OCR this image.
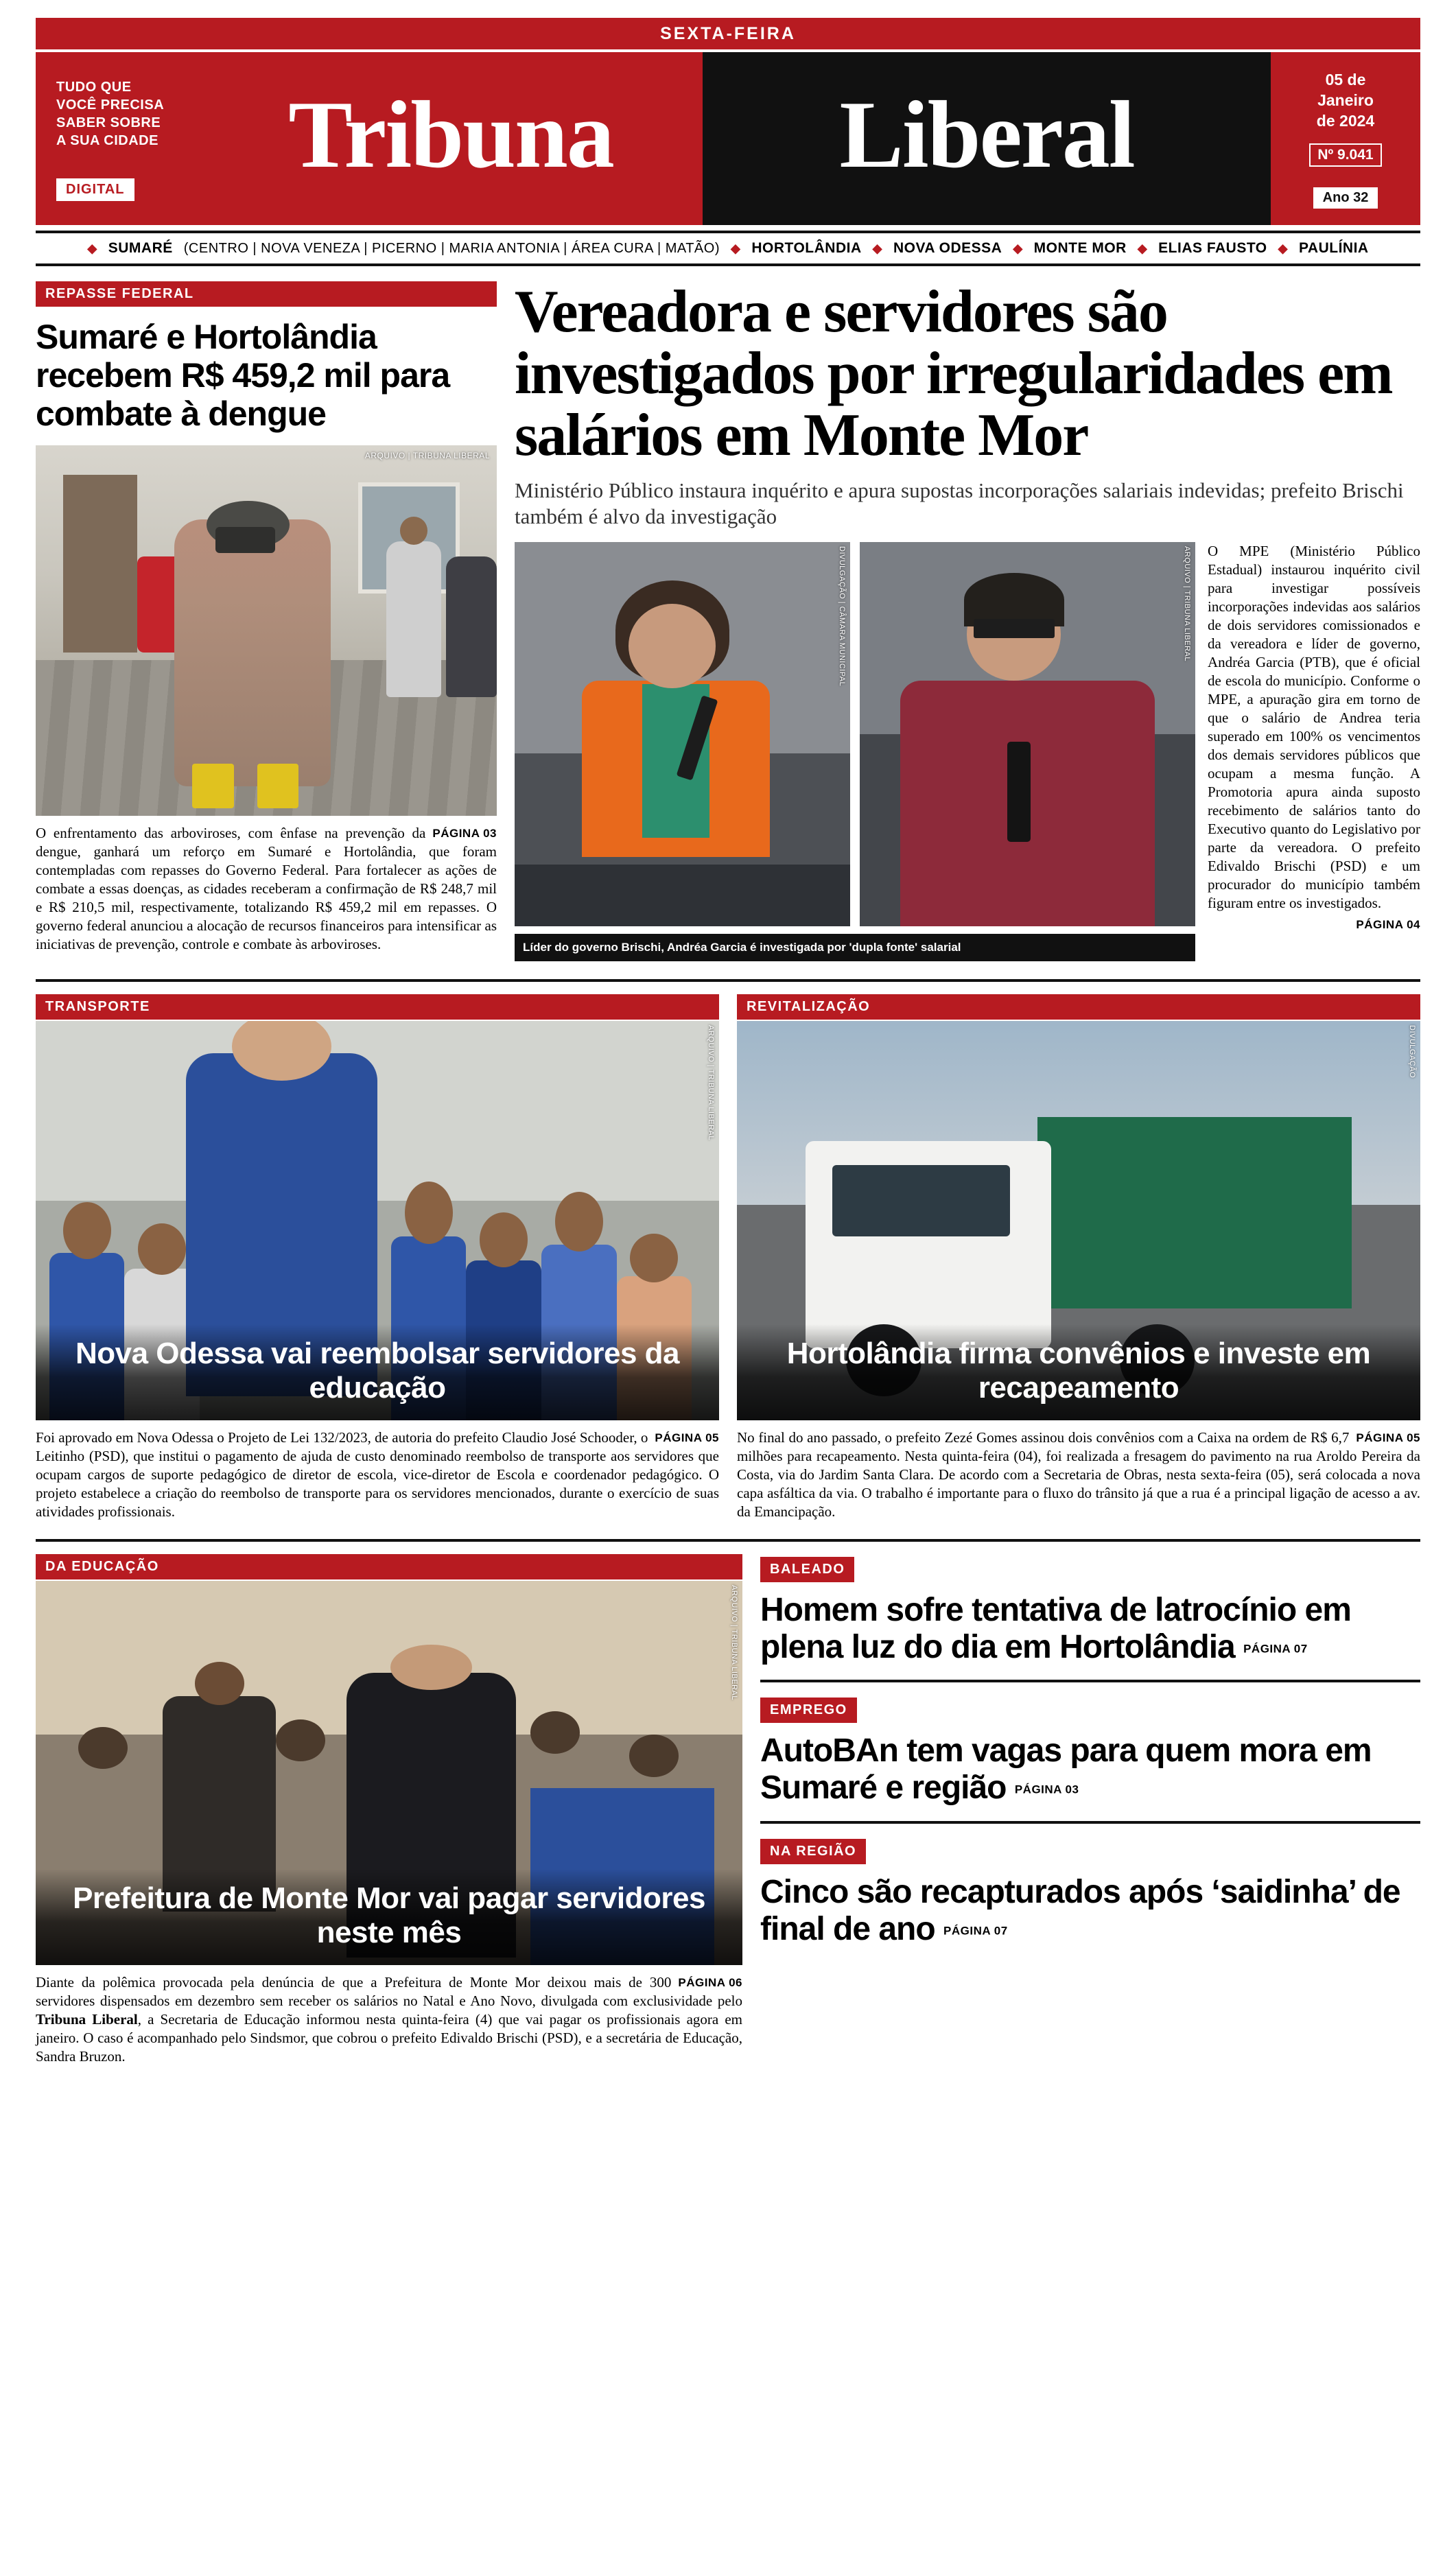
SEXTA-FEIRA
TUDO QUE
VOCÊ PRECISA
SABER SOBRE
A SUA CIDADE
DIGITAL
Tribuna	Liberal
05 de
Janeiro
de 2024
Nº 9.041
Ano 32
◆ SUMARÉ (CENTRO | NOVA VENEZA | PICERNO | MARIA ANTONIA | ÁREA CURA | MATÃO) ◆ HORTOLÂNDIA ◆ NOVA ODESSA ◆ MONTE MOR ◆ ELIAS FAUSTO ◆ PAULÍNIA
REPASSE FEDERAL
Sumaré e Hortolândia recebem R$ 459,2 mil para combate à dengue
ARQUIVO | TRIBUNA LIBERAL
PÁGINA 03
O enfrentamento das arboviroses, com ênfase na prevenção da dengue, ganhará um reforço em Sumaré e Hortolândia, que foram contempladas com repasses do Governo Federal. Para fortalecer as ações de combate a essas doenças, as cidades receberam a confirmação de R$ 248,7 mil e R$ 210,5 mil, respectivamente, totalizando R$ 459,2 mil em repasses. O governo federal anunciou a alocação de recursos financeiros para intensificar as iniciativas de prevenção, controle e combate às arboviroses.
Vereadora e servidores são investigados por irregularidades em salários em Monte Mor
Ministério Público instaura inquérito e apura supostas incorporações salariais indevidas; prefeito Brischi também é alvo da investigação
DIVULGAÇÃO | CÂMARA MUNICIPAL	ARQUIVO | TRIBUNA LIBERAL O MPE (Ministério Público Estadual) instaurou inquérito civil para investigar possíveis incorporações indevidas aos salários de dois servidores comissionados e da vereadora e líder de governo, Andréa Garcia (PTB), que é oficial de escola do município. Conforme o MPE, a apuração gira em torno de que o salário de Andrea teria superado em 100% os vencimentos dos demais servidores públicos que ocupam a mesma função. A Promotoria apura ainda suposto recebimento de salários tanto do Executivo quanto do Legislativo por parte da vereadora. O prefeito Edivaldo Brischi (PSD) e um procurador do município também figuram entre os investigados.
PÁGINA 04
Líder do governo Brischi, Andréa Garcia é investigada por 'dupla fonte' salarial
TRANSPORTE
ARQUIVO | TRIBUNA LIBERAL
Nova Odessa vai reembolsar servidores da educação
PÁGINA 05
Foi aprovado em Nova Odessa o Projeto de Lei 132/2023, de autoria do prefeito Claudio José Schooder, o Leitinho (PSD), que institui o pagamento de ajuda de custo denominado reembolso de transporte aos servidores que ocupam cargos de suporte pedagógico de diretor de escola, vice-diretor de Escola e coordenador pedagógico. O projeto estabelece a criação do reembolso de transporte para os servidores mencionados, durante o exercício de suas atividades profissionais.
REVITALIZAÇÃO
DIVULGAÇÃO
Hortolândia firma convênios e investe em recapeamento
PÁGINA 05
No final do ano passado, o prefeito Zezé Gomes assinou dois convênios com a Caixa na ordem de R$ 6,7 milhões para recapeamento. Nesta quinta-feira (04), foi realizada a fresagem do pavimento na rua Aroldo Pereira da Costa, via do Jardim Santa Clara. De acordo com a Secretaria de Obras, nesta sexta-feira (05), será colocada a nova capa asfáltica da via. O trabalho é importante para o fluxo do trânsito já que a rua é a principal ligação de acesso a av. da Emancipação.
DA EDUCAÇÃO
ARQUIVO | TRIBUNA LIBERAL
Prefeitura de Monte Mor vai pagar servidores neste mês
PÁGINA 06
Diante da polêmica provocada pela denúncia de que a Prefeitura de Monte Mor deixou mais de 300 servidores dispensados em dezembro sem receber os salários no Natal e Ano Novo, divulgada com exclusividade pelo Tribuna Liberal, a Secretaria de Educação informou nesta quinta-feira (4) que vai pagar os profissionais agora em janeiro. O caso é acompanhado pelo Sindsmor, que cobrou o prefeito Edivaldo Brischi (PSD), e a secretária de Educação, Sandra Bruzon.
BALEADO
Homem sofre tentativa de latrocínio em plena luz do dia em Hortolândia PÁGINA 07
EMPREGO
AutoBAn tem vagas para quem mora em Sumaré e região PÁGINA 03
NA REGIÃO
Cinco são recapturados após ‘saidinha’ de final de ano PÁGINA 07
